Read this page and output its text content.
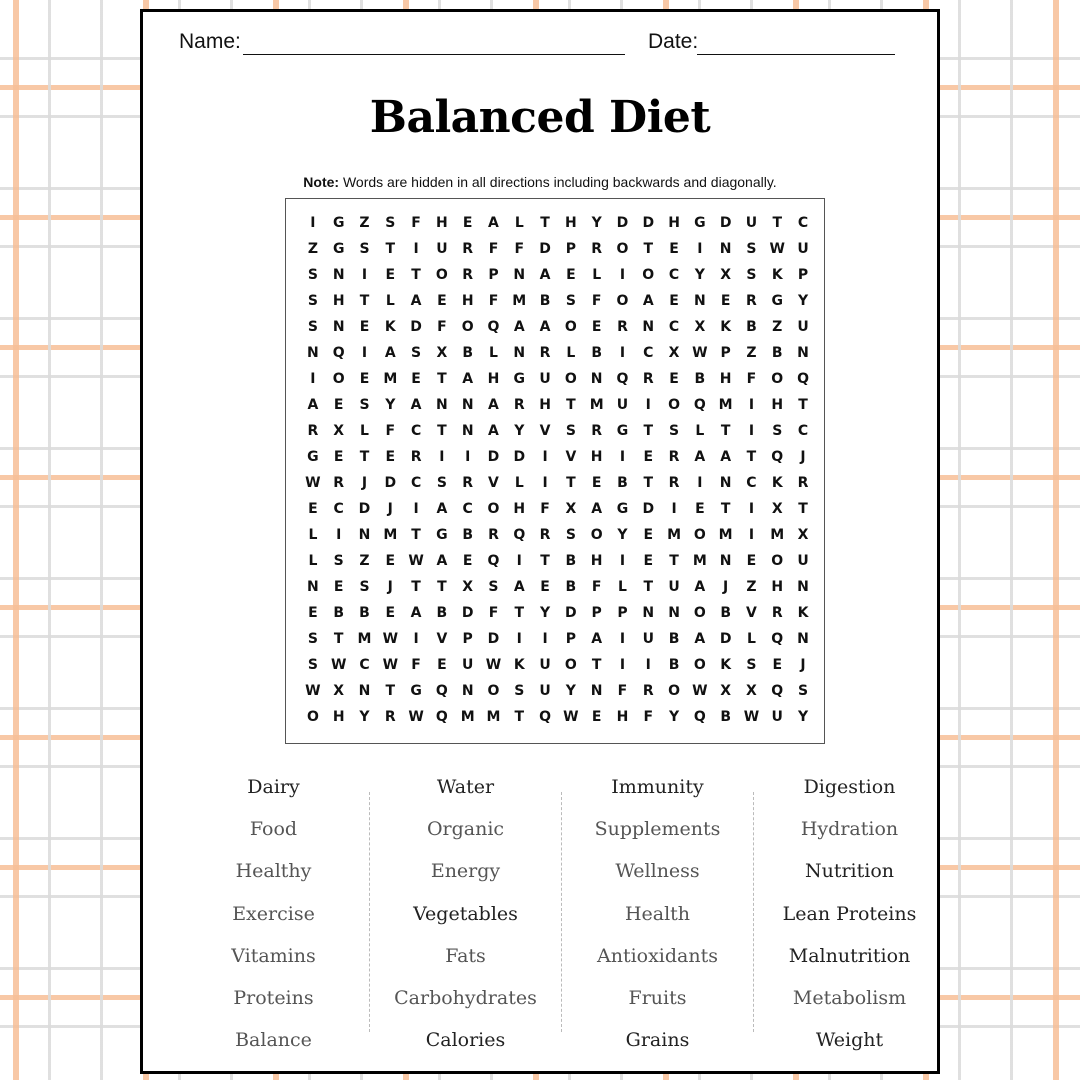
Name:	Date:
Balanced Diet
Note: Words are hidden in all directions including backwards and diagonally.
I	G	Z	S	F	H	E	A	L	T	H	Y	D	D	H	G	D	U	T	C
Z	G	S	T	I	U	R	F	F	D	P	R	O	T	E	I	N	S W U
S	N	I	E	T	O	R	P	N	A	E	L	I	O	C	Y	X	S	K	P
S	H	T	L	A	E	H	F	M B	S	F	O	A	E	N	E	R	G	Y
S	N	E	K	D	F	O Q	A	A	O	E	R	N	C	X	K	B	Z	U
N Q	I	A	S	X	B	L	N	R	L	B	I	C	X W P	Z	B	N
I	O	E	M	E	T	A	H	G	U	O N Q	R	E	B	H	F	O Q
A	E	S	Y	A	N	N	A	R	H	T	M U	I	O Q M	I	H	T
R	X	L	F	C	T	N	A	Y	V	S	R	G	T	S	L	T	I	S	C
G	E	T	E	R	I	I	D	D	I	V	H	I	E	R	A	A	T	Q	J
W R	J	D	C	S	R	V	L	I	T	E	B	T	R	I	N	C	K	R
E	C	D	J	I	A	C	O H	F	X	A	G	D	I	E	T	I	X	T
L	I	N M	T	G	B	R	Q	R	S	O	Y	E	M O M	I	M X
L	S	Z	E W A	E	Q	I	T	B	H	I	E	T	M N	E	O	U
N	E	S	J	T	T	X	S	A	E	B	F	L	T	U	A	J	Z	H	N
E	B	B	E	A	B	D	F	T	Y	D	P	P	N	N O	B	V	R	K
S	T	M W	I	V	P	D	I	I	P	A	I	U	B	A	D	L	Q N
S W C W F	E	U W K	U	O	T	I	I	B	O	K	S	E	J
W X	N	T	G	Q N O	S	U	Y	N	F	R	O W X	X	Q	S
O H	Y	R W Q M M	T	Q W E	H	F	Y	Q	B W U	Y
Dairy
Food
Healthy
Exercise
Vitamins
Proteins
Balance
Water
Organic
Energy
Vegetables
Fats
Carbohydrates
Calories
Immunity
Supplements
Wellness
Health
Antioxidants
Fruits
Grains
Digestion
Hydration
Nutrition
Lean Proteins
Malnutrition
Metabolism
Weight
